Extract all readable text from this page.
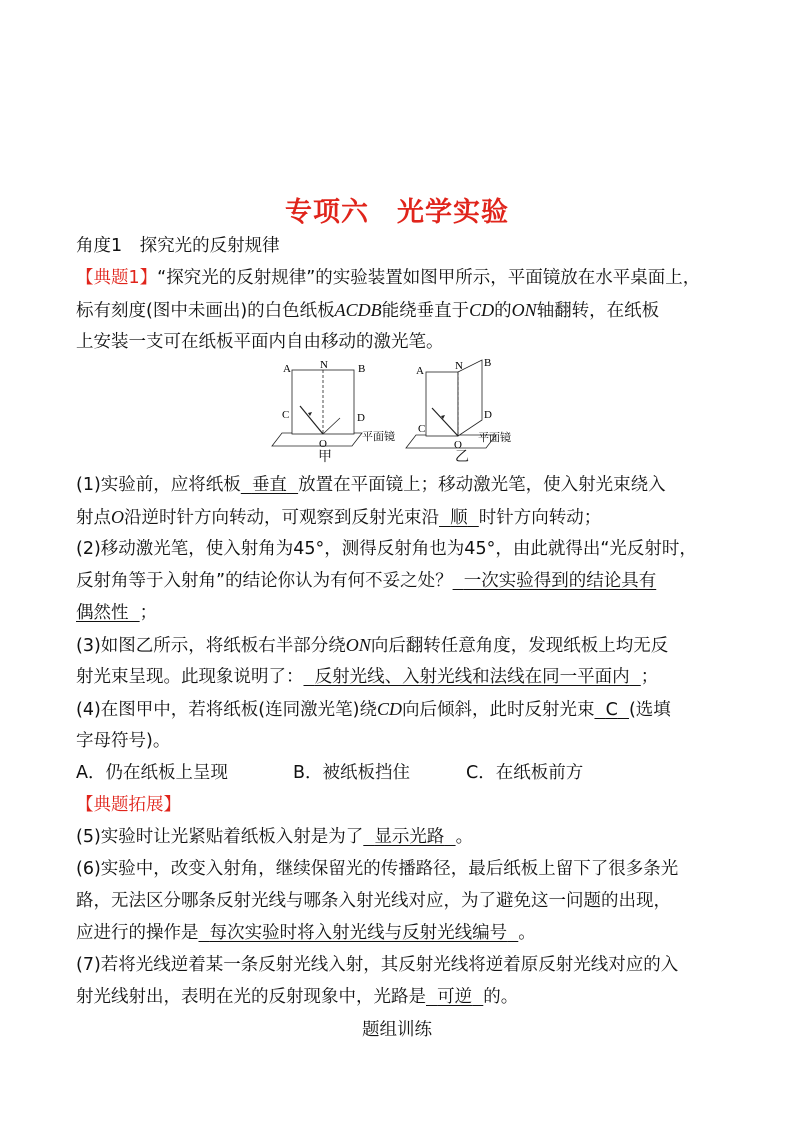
专项六 光学实验
角度1　探究光的反射规律
【典题1】“探究光的反射规律”的实验装置如图甲所示，平面镜放在水平桌面上，
标有刻度(图中未画出)的白色纸板ACDB能绕垂直于CD的ON轴翻转，在纸板
上安装一支可在纸板平面内自由移动的激光笔。
A	N	B
C	D
O
平面镜
A	N B
C
D
O
平面镜
甲	乙
(1)实验前，应将纸板 垂直 放置在平面镜上；移动激光笔，使入射光束绕入
射点O沿逆时针方向转动，可观察到反射光束沿 顺 时针方向转动；
(2)移动激光笔，使入射角为45°，测得反射角也为45°，由此就得出“光反射时，
反射角等于入射角”的结论你认为有何不妥之处？ 一次实验得到的结论具有
偶然性 ；
(3)如图乙所示，将纸板右半部分绕ON向后翻转任意角度，发现纸板上均无反
射光束呈现。此现象说明了： 反射光线、入射光线和法线在同一平面内 ；
(4)在图甲中，若将纸板(连同激光笔)绕CD向后倾斜，此时反射光束 C (选填
字母符号)。
A．仍在纸板上呈现	B．被纸板挡住	C．在纸板前方
【典题拓展】
(5)实验时让光紧贴着纸板入射是为了 显示光路 。
(6)实验中，改变入射角，继续保留光的传播路径，最后纸板上留下了很多条光
路，无法区分哪条反射光线与哪条入射光线对应，为了避免这一问题的出现，
应进行的操作是 每次实验时将入射光线与反射光线编号 。
(7)若将光线逆着某一条反射光线入射，其反射光线将逆着原反射光线对应的入
射光线射出，表明在光的反射现象中，光路是 可逆 的。
题组训练
